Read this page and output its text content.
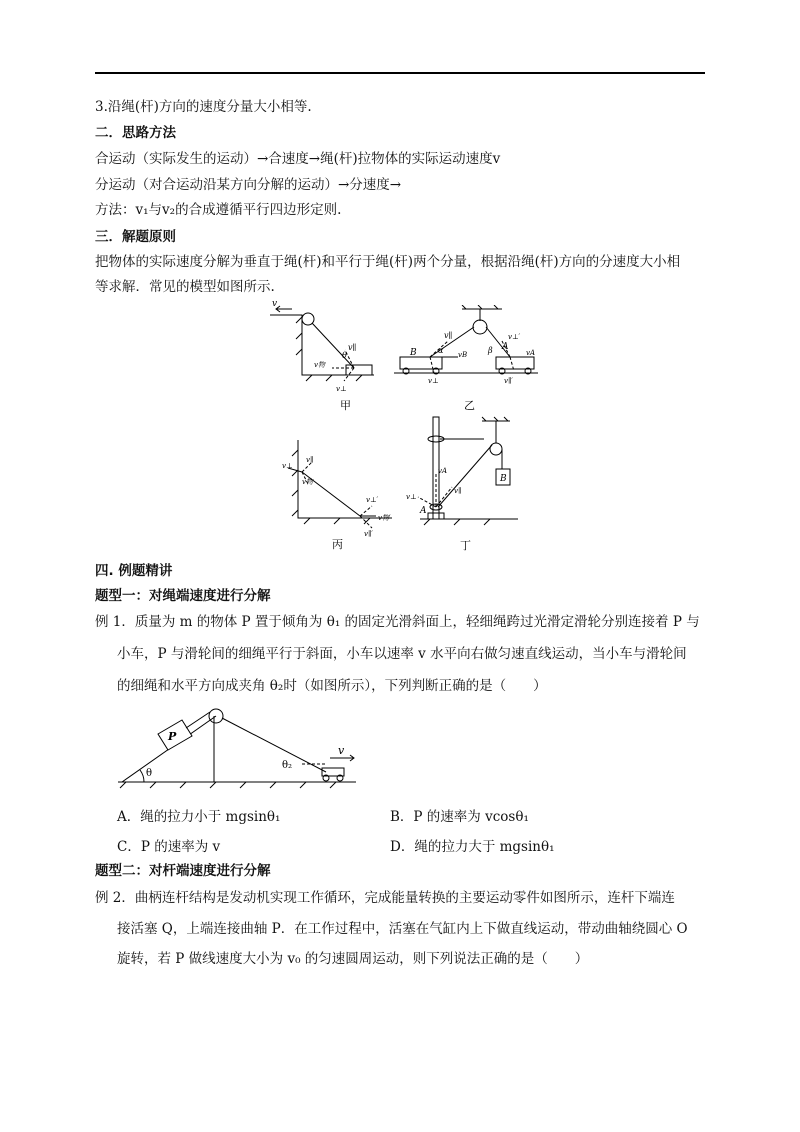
3.沿绳(杆)方向的速度分量大小相等.
二．思路方法
合运动（实际发生的运动）→合速度→绳(杆)拉物体的实际运动速度v
分运动（对合运动沿某方向分解的运动）→分速度→
方法：v₁与v₂的合成遵循平行四边形定则.
三．解题原则
把物体的实际速度分解为垂直于绳(杆)和平行于绳(杆)两个分量，根据沿绳(杆)方向的分速度大小相
等求解．常见的模型如图所示.
v
v∥
θ
v物
v⊥
甲
v∥
α vB
B
v⊥
β A
v⊥′
vA
v∥′
乙
v⊥
v∥
v物
v⊥′
v物′
v∥′
丙
B
vA
v⊥
v∥
A
丁
四. 例题精讲
题型一：对绳端速度进行分解
例 1．质量为 m 的物体 P 置于倾角为 θ₁ 的固定光滑斜面上，轻细绳跨过光滑定滑轮分别连接着 P 与
小车，P 与滑轮间的细绳平行于斜面，小车以速率 v 水平向右做匀速直线运动，当小车与滑轮间
的细绳和水平方向成夹角 θ₂时（如图所示），下列判断正确的是（　　）
P
θ
θ₂
v
A．绳的拉力小于 mgsinθ₁	B．P 的速率为 vcosθ₁
C．P 的速率为 v	D．绳的拉力大于 mgsinθ₁
题型二：对杆端速度进行分解
例 2．曲柄连杆结构是发动机实现工作循环，完成能量转换的主要运动零件如图所示，连杆下端连
接活塞 Q，上端连接曲轴 P．在工作过程中，活塞在气缸内上下做直线运动，带动曲轴绕圆心 O
旋转，若 P 做线速度大小为 v₀ 的匀速圆周运动，则下列说法正确的是（　　）
